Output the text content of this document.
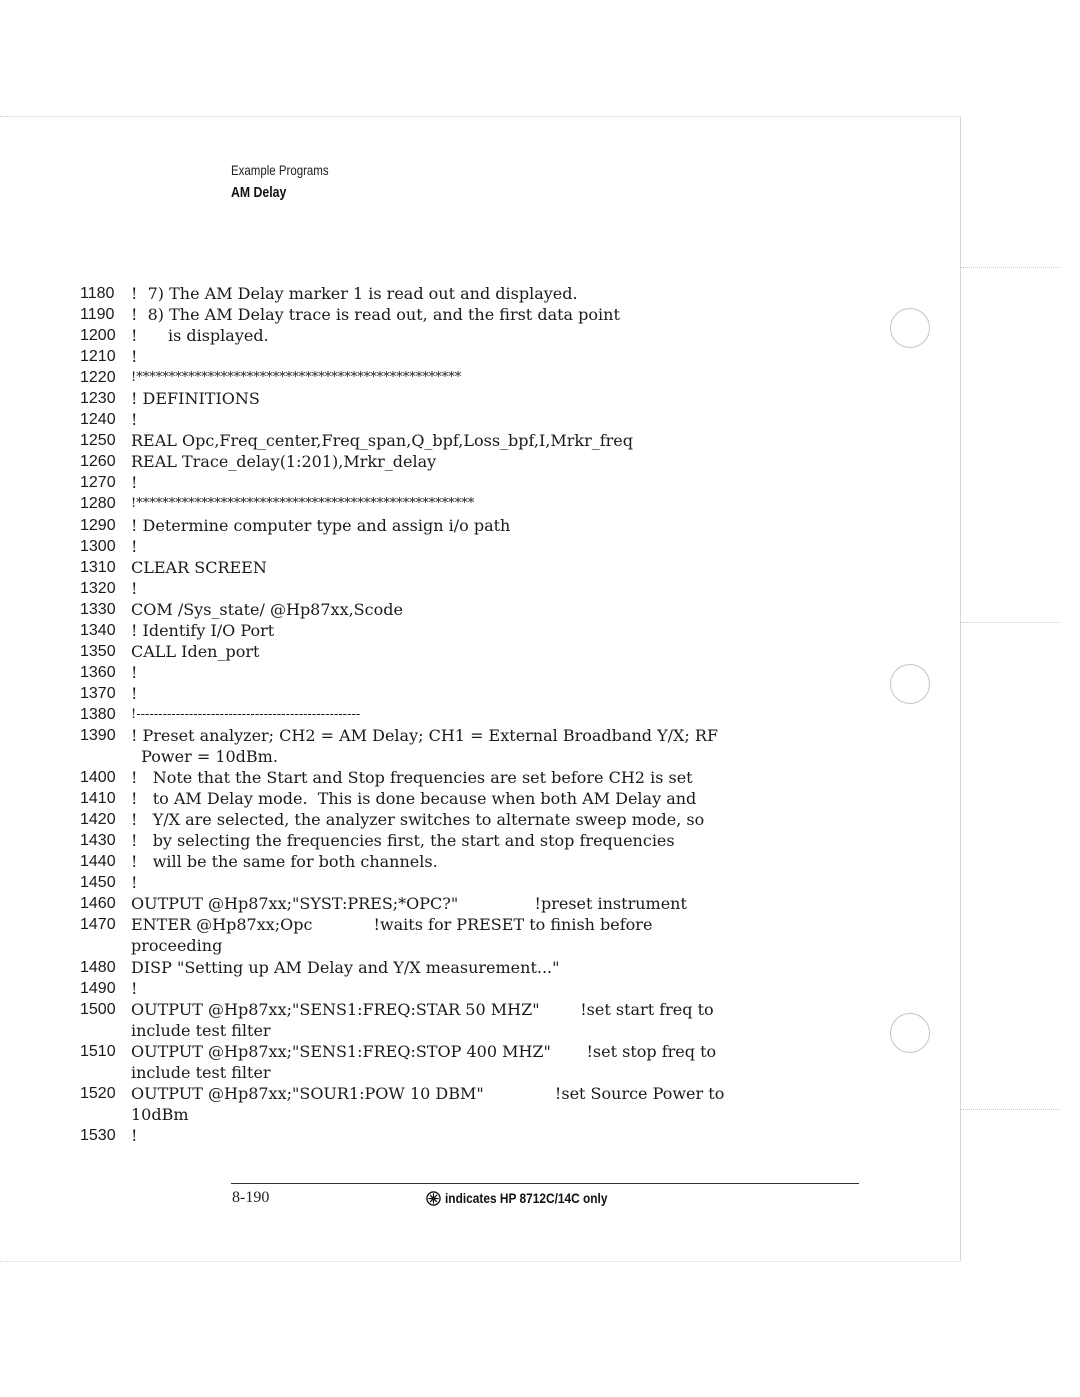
Example Programs
AM Delay
1180	!  7) The AM Delay marker 1 is read out and displayed.
1190	!  8) The AM Delay trace is read out, and the first data point
1200 !      is displayed.
1210 !
1220	!**************************************************
1230 ! DEFINITIONS
1240 !
1250 REAL Opc,Freq_center,Freq_span,Q_bpf,Loss_bpf,I,Mrkr_freq
1260 REAL Trace_delay(1:201),Mrkr_delay
1270 !
1280	!****************************************************
1290 ! Determine computer type and assign i/o path
1300 !
1310 CLEAR SCREEN
1320 !
1330 COM /Sys_state/ @Hp87xx,Scode
1340 ! Identify I/O Port
1350 CALL Iden_port
1360 !
1370 !
1380	!---------------------------------------------------
1390 ! Preset analyzer; CH2 = AM Delay; CH1 = External Broadband Y/X; RF
Power = 10dBm.
1400 !   Note that the Start and Stop frequencies are set before CH2 is set
1410 !   to AM Delay mode.  This is done because when both AM Delay and
1420 !   Y/X are selected, the analyzer switches to alternate sweep mode, so
1430 !   by selecting the frequencies first, the start and stop frequencies
1440 !   will be the same for both channels.
1450 !
1460 OUTPUT @Hp87xx;"SYST:PRES;*OPC?"               !preset instrument
1470 ENTER @Hp87xx;Opc            !waits for PRESET to finish before
proceeding
1480 DISP "Setting up AM Delay and Y/X measurement..."
1490 !
1500 OUTPUT @Hp87xx;"SENS1:FREQ:STAR 50 MHZ"        !set start freq to
include test filter
1510 OUTPUT @Hp87xx;"SENS1:FREQ:STOP 400 MHZ"       !set stop freq to
include test filter
1520 OUTPUT @Hp87xx;"SOUR1:POW 10 DBM"              !set Source Power to
10dBm
1530 !
8-190	indicates HP 8712C/14C only
